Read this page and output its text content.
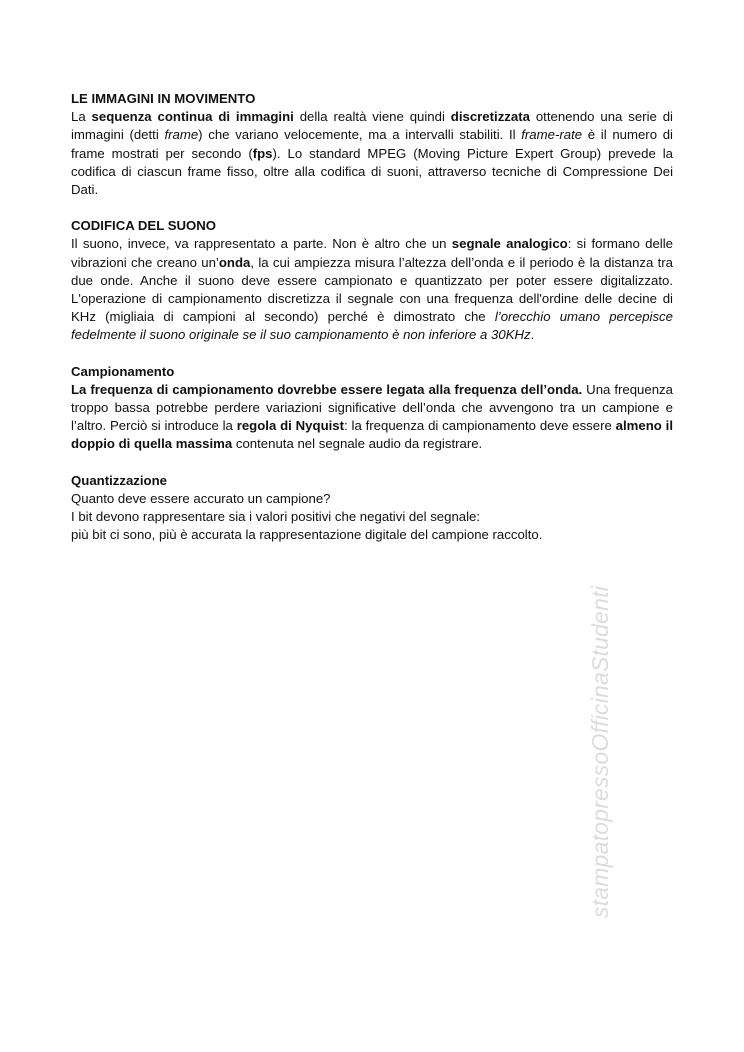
LE IMMAGINI IN MOVIMENTO
La sequenza continua di immagini della realtà viene quindi discretizzata ottenendo una serie di immagini (detti frame) che variano velocemente, ma a intervalli stabiliti. Il frame-rate è il numero di frame mostrati per secondo (fps). Lo standard MPEG (Moving Picture Expert Group) prevede la codifica di ciascun frame fisso, oltre alla codifica di suoni, attraverso tecniche di Compressione Dei Dati.
CODIFICA DEL SUONO
Il suono, invece, va rappresentato a parte. Non è altro che un segnale analogico: si formano delle vibrazioni che creano un’onda, la cui ampiezza misura l’altezza dell’onda e il periodo è la distanza tra due onde. Anche il suono deve essere campionato e quantizzato per poter essere digitalizzato. L'operazione di campionamento discretizza il segnale con una frequenza dell'ordine delle decine di KHz (migliaia di campioni al secondo) perché è dimostrato che l’orecchio umano percepisce fedelmente il suono originale se il suo campionamento è non inferiore a 30KHz.
Campionamento
La frequenza di campionamento dovrebbe essere legata alla frequenza dell’onda. Una frequenza troppo bassa potrebbe perdere variazioni significative dell’onda che avvengono tra un campione e l’altro. Perciò si introduce la regola di Nyquist: la frequenza di campionamento deve essere almeno il doppio di quella massima contenuta nel segnale audio da registrare.
Quantizzazione
Quanto deve essere accurato un campione?
I bit devono rappresentare sia i valori positivi che negativi del segnale:
più bit ci sono, più è accurata la rappresentazione digitale del campione raccolto.
stampatopressoOfficinaStudenti
